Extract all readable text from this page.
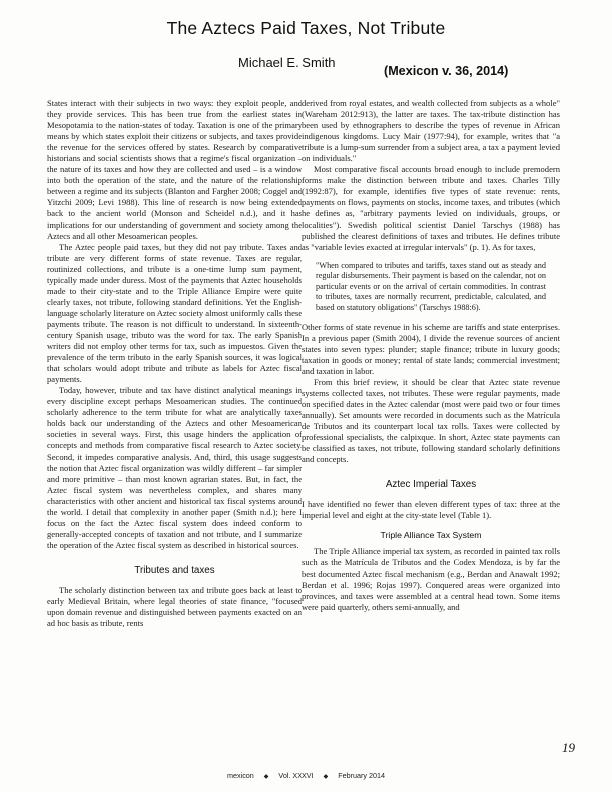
The Aztecs Paid Taxes, Not Tribute
Michael E. Smith
(Mexicon v. 36, 2014)

States interact with their subjects in two ways: they exploit people, and they provide services. This has been true from the earliest states in Mesopotamia to the nation-states of today. Taxation is one of the primary means by which states exploit their citizens or subjects, and taxes provide the revenue for the services offered by states. Research by comparative historians and social scientists shows that a regime's fiscal organization – the nature of its taxes and how they are collected and used – is a window into both the operation of the state, and the nature of the relationship between a regime and its subjects (Blanton and Fargher 2008; Coggel and Yitzchi 2009; Levi 1988). This line of research is now being extended back to the ancient world (Monson and Scheidel n.d.), and it has implications for our understanding of government and society among the Aztecs and all other Mesoamerican peoples.

The Aztec people paid taxes, but they did not pay tribute. Taxes and tribute are very different forms of state revenue. Taxes are regular, routinized collections, and tribute is a one-time lump sum payment, typically made under duress. Most of the payments that Aztec households made to their city-state and to the Triple Alliance Empire were quite clearly taxes, not tribute, following standard definitions. Yet the English-language scholarly literature on Aztec society almost uniformly calls these payments tribute. The reason is not difficult to understand. In sixteenth-century Spanish usage, tributo was the word for tax. The early Spanish writers did not employ other terms for tax, such as impuestos. Given the prevalence of the term tributo in the early Spanish sources, it was logical that scholars would adopt tribute and tribute as labels for Aztec fiscal payments.

Today, however, tribute and tax have distinct analytical meanings in every discipline except perhaps Mesoamerican studies. The continued scholarly adherence to the term tribute for what are analytically taxes holds back our understanding of the Aztecs and other Mesoamerican societies in several ways. First, this usage hinders the application of concepts and methods from comparative fiscal research to Aztec society. Second, it impedes comparative analysis. And, third, this usage suggests the notion that Aztec fiscal organization was wildly different – far simpler and more primitive – than most known agrarian states. But, in fact, the Aztec fiscal system was nevertheless complex, and shares many characteristics with other ancient and historical tax fiscal systems around the world. I detail that complexity in another paper (Smith n.d.); here I focus on the fact the Aztec fiscal system does indeed conform to generally-accepted concepts of taxation and not tribute, and I summarize the operation of the Aztec fiscal system as described in historical sources.

Tributes and taxes

The scholarly distinction between tax and tribute goes back at least to early Medieval Britain, where legal theories of state finance, "focused upon domain revenue and distinguished between payments exacted on an ad hoc basis as tribute, rents

derived from royal estates, and wealth collected from subjects as a whole" (Wareham 2012:913), the latter are taxes. The tax-tribute distinction has been used by ethnographers to describe the types of revenue in African indigenous kingdoms. Lucy Mair (1977:94), for example, writes that "a tribute is a lump-sum surrender from a subject area, a tax a payment levied on individuals."

Most comparative fiscal accounts broad enough to include premodern forms make the distinction between tribute and taxes. Charles Tilly (1992:87), for example, identifies five types of state revenue: rents, payments on flows, payments on stocks, income taxes, and tributes (which he defines as, "arbitrary payments levied on individuals, groups, or localities"). Swedish political scientist Daniel Tarschys (1988) has published the clearest definitions of taxes and tributes. He defines tribute as "variable levies exacted at irregular intervals" (p. 1). As for taxes,

"When compared to tributes and tariffs, taxes stand out as steady and regular disbursements. Their payment is based on the calendar, not on particular events or on the arrival of certain commodities. In contrast to tributes, taxes are normally recurrent, predictable, calculated, and based on statutory obligations" (Tarschys 1988:6).

Other forms of state revenue in his scheme are tariffs and state enterprises. In a previous paper (Smith 2004), I divide the revenue sources of ancient states into seven types: plunder; staple finance; tribute in luxury goods; taxation in goods or money; rental of state lands; commercial investment; and taxation in labor.

From this brief review, it should be clear that Aztec state revenue systems collected taxes, not tributes. These were regular payments, made on specified dates in the Aztec calendar (most were paid two or four times annually). Set amounts were recorded in documents such as the Matrícula de Tributos and its counterpart local tax rolls. Taxes were collected by professional specialists, the calpixque. In short, Aztec state payments can be classified as taxes, not tribute, following standard scholarly definitions and concepts.

Aztec Imperial Taxes

I have identified no fewer than eleven different types of tax: three at the imperial level and eight at the city-state level (Table 1).

Triple Alliance Tax System

The Triple Alliance imperial tax system, as recorded in painted tax rolls such as the Matrícula de Tributos and the Codex Mendoza, is by far the best documented Aztec fiscal mechanism (e.g., Berdan and Anawalt 1992; Berdan et al. 1996; Rojas 1997). Conquered areas were organized into provinces, and taxes were assembled at a central head town. Some items were paid quarterly, others semi-annually, and

19
mexicon ◆ Vol. XXXVI ◆ February 2014
